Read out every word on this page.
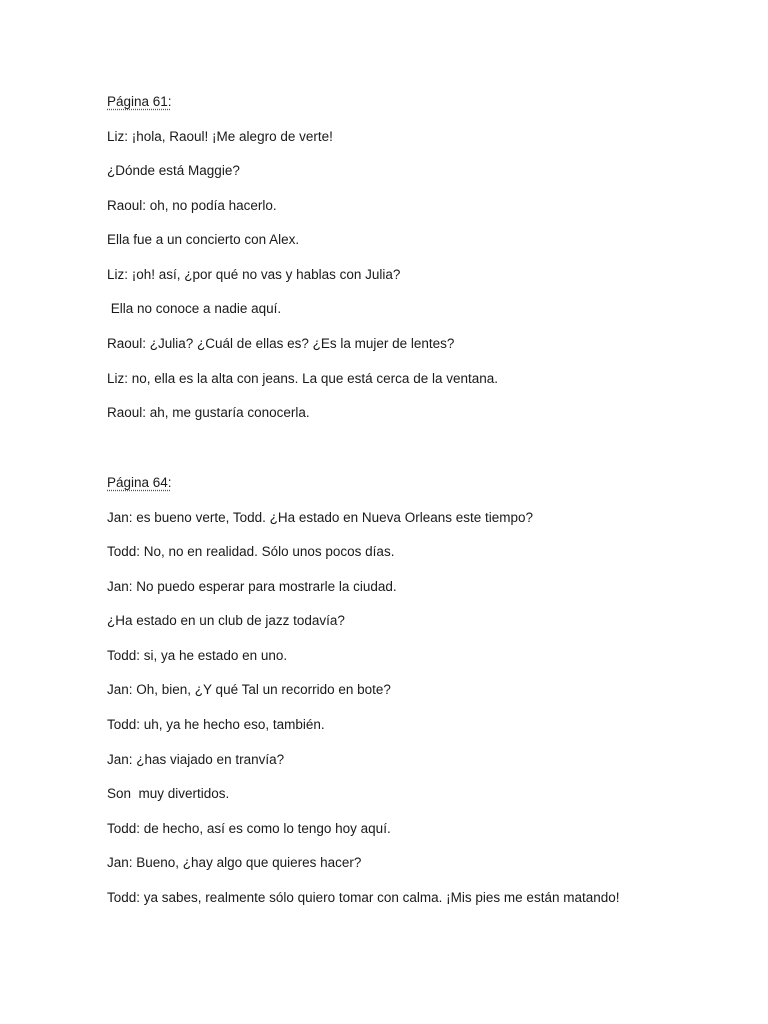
Página 61:
Liz: ¡hola, Raoul! ¡Me alegro de verte!
¿Dónde está Maggie?
Raoul: oh, no podía hacerlo.
Ella fue a un concierto con Alex.
Liz: ¡oh! así, ¿por qué no vas y hablas con Julia?
Ella no conoce a nadie aquí.
Raoul: ¿Julia? ¿Cuál de ellas es? ¿Es la mujer de lentes?
Liz: no, ella es la alta con jeans. La que está cerca de la ventana.
Raoul: ah, me gustaría conocerla.
Página 64:
Jan: es bueno verte, Todd. ¿Ha estado en Nueva Orleans este tiempo?
Todd: No, no en realidad. Sólo unos pocos días.
Jan: No puedo esperar para mostrarle la ciudad.
¿Ha estado en un club de jazz todavía?
Todd: si, ya he estado en uno.
Jan: Oh, bien, ¿Y qué Tal un recorrido en bote?
Todd: uh, ya he hecho eso, también.
Jan: ¿has viajado en tranvía?
Son  muy divertidos.
Todd: de hecho, así es como lo tengo hoy aquí.
Jan: Bueno, ¿hay algo que quieres hacer?
Todd: ya sabes, realmente sólo quiero tomar con calma. ¡Mis pies me están matando!
